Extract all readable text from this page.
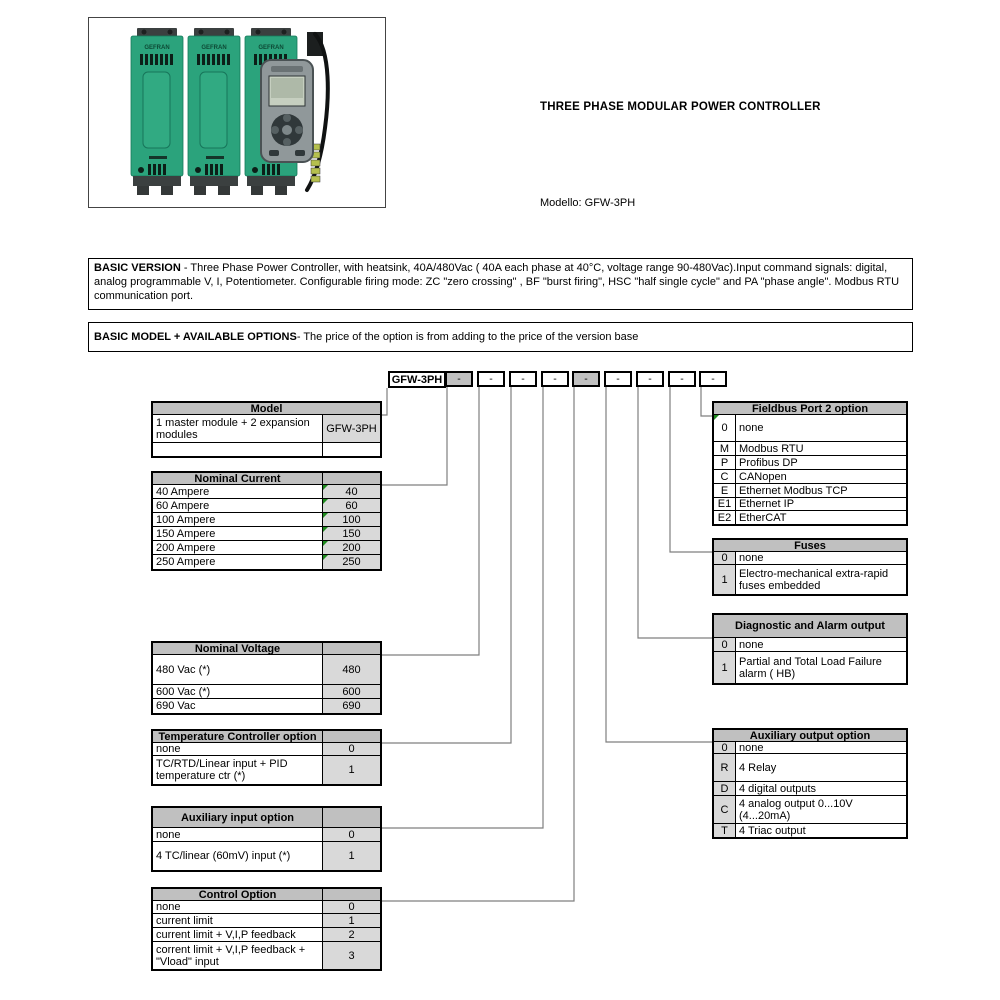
GEFRAN	GEFRAN	GEFRAN
THREE PHASE MODULAR POWER CONTROLLER
Modello: GFW-3PH
BASIC VERSION - Three Phase Power Controller, with heatsink, 40A/480Vac ( 40A each phase at 40°C, voltage range 90-480Vac).Input command signals: digital, analog programmable V, I, Potentiometer. Configurable firing mode: ZC "zero crossing" , BF "burst firing", HSC "half single cycle" and PA "phase angle". Modbus RTU communication port.
BASIC MODEL + AVAILABLE OPTIONS - The price of the option is from adding to the price of the version base
GFW-3PH	-	-	-	-	-	-	-	-	-
Model
1 master module + 2 expansion modules	GFW-3PH
Nominal Current
40 Ampere	40
60 Ampere	60
100 Ampere	100
150 Ampere	150
200 Ampere	200
250 Ampere	250
Nominal Voltage
480 Vac (*)	480
600 Vac (*)	600
690 Vac	690
Temperature Controller option
none	0
TC/RTD/Linear input + PID temperature ctr (*)	1
Auxiliary input option
none	0
4 TC/linear (60mV) input (*)	1
Control Option
none	0
current limit	1
current limit + V,I,P feedback	2
corrent limit + V,I,P feedback + "Vload" input	3
Fieldbus Port 2 option
0 none
M Modbus RTU
P Profibus DP
C CANopen
E Ethernet Modbus TCP
E1 Ethernet IP
E2 EtherCAT
Fuses
0	none
1	Electro-mechanical extra-rapid fuses embedded
Diagnostic and Alarm output
0	none
1	Partial and Total Load Failure alarm ( HB)
Auxiliary output option
0	none
R 4 Relay
D 4 digital outputs
C 4 analog output 0...10V (4...20mA)
T	4 Triac output
